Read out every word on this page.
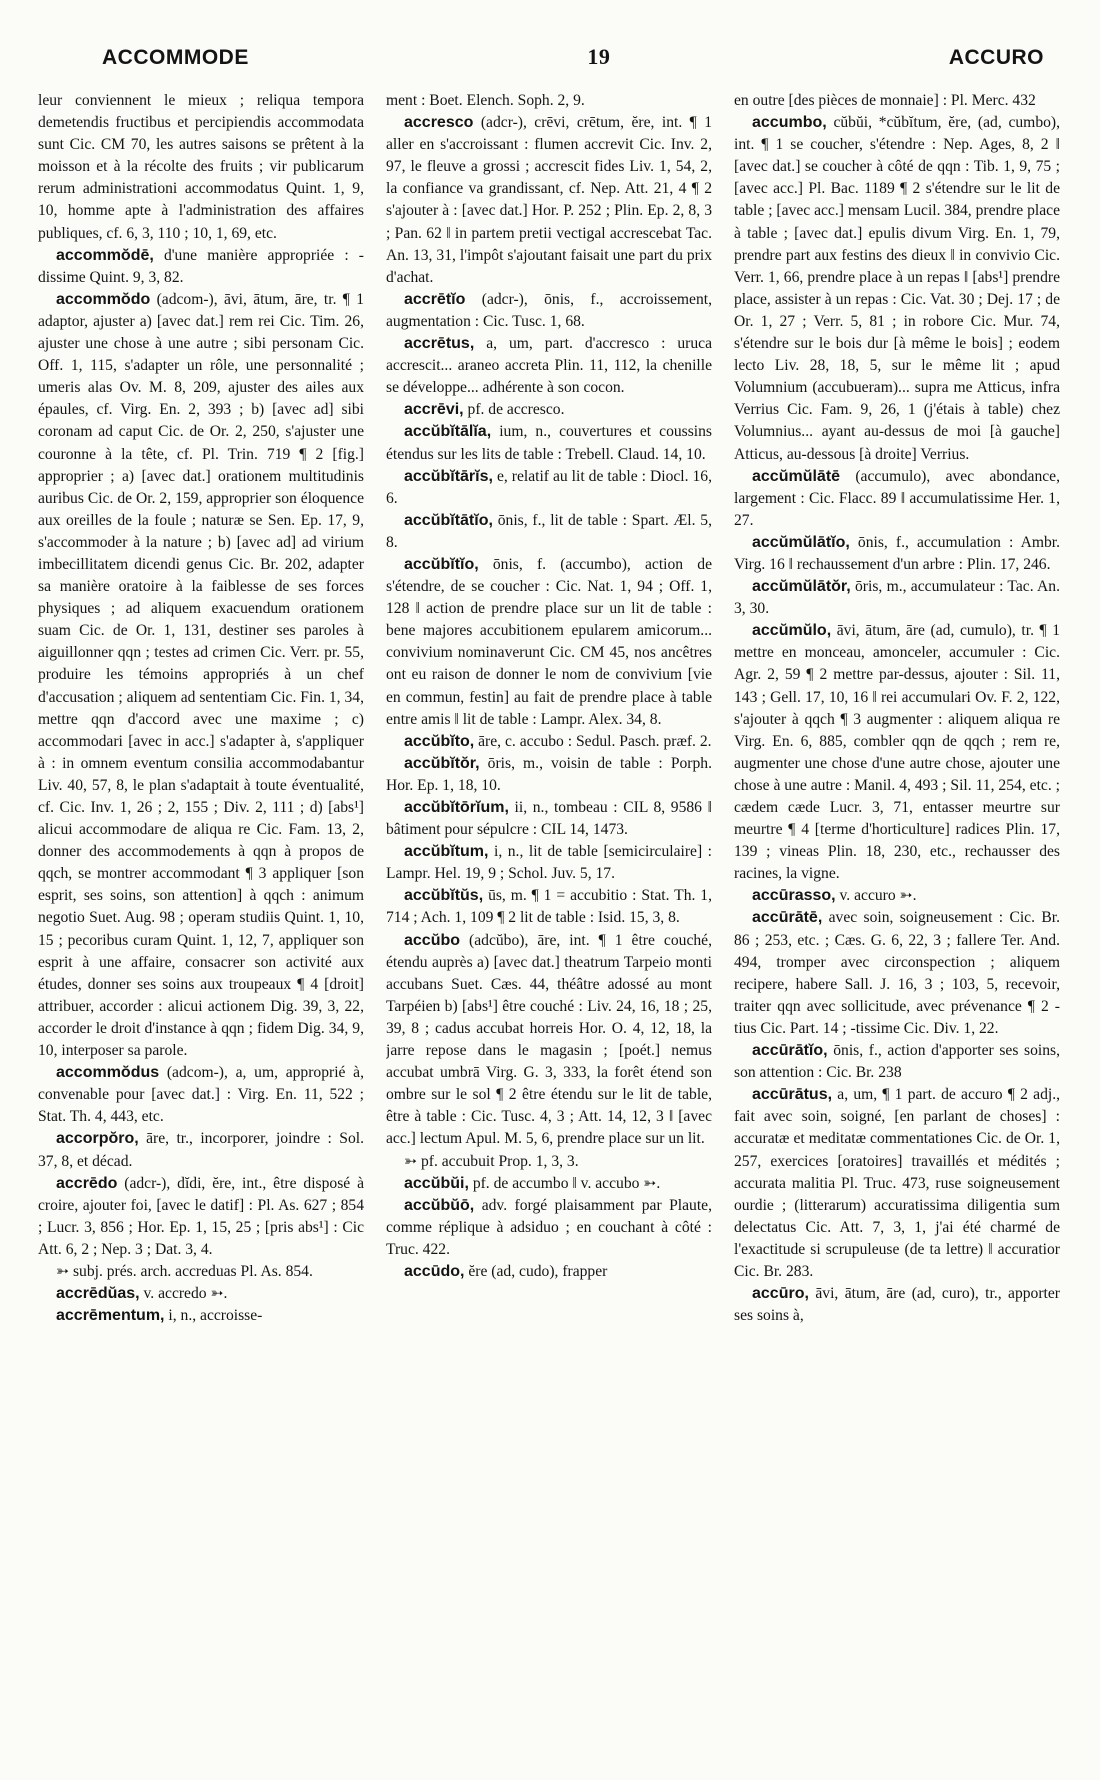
ACCOMMODE	19	ACCURO

leur conviennent le mieux ; reliqua tempora demetendis fructibus et percipiendis accommodata sunt Cic. CM 70, les autres saisons se prêtent à la moisson et à la récolte des fruits ; vir publicarum rerum administrationi accommodatus Quint. 1, 9, 10, homme apte à l'administration des affaires publiques, cf. 6, 3, 110 ; 10, 1, 69, etc.

accommŏdē, d'une manière appropriée : -dissime Quint. 9, 3, 82.

accommŏdo (adcom-), āvi, ātum, āre, tr. ¶ 1 adaptor, ajuster a) [avec dat.] rem rei Cic. Tim. 26, ajuster une chose à une autre ; sibi personam Cic. Off. 1, 115, s'adapter un rôle, une personnalité ; umeris alas Ov. M. 8, 209, ajuster des ailes aux épaules, cf. Virg. En. 2, 393 ; b) [avec ad] sibi coronam ad caput Cic. de Or. 2, 250, s'ajuster une couronne à la tête, cf. Pl. Trin. 719 ¶ 2 [fig.] approprier ; a) [avec dat.] orationem multitudinis auribus Cic. de Or. 2, 159, approprier son éloquence aux oreilles de la foule ; naturæ se Sen. Ep. 17, 9, s'accommoder à la nature ; b) [avec ad] ad virium imbecillitatem dicendi genus Cic. Br. 202, adapter sa manière oratoire à la faiblesse de ses forces physiques ; ad aliquem exacuendum orationem suam Cic. de Or. 1, 131, destiner ses paroles à aiguillonner qqn ; testes ad crimen Cic. Verr. pr. 55, produire les témoins appropriés à un chef d'accusation ; aliquem ad sententiam Cic. Fin. 1, 34, mettre qqn d'accord avec une maxime ; c) accommodari [avec in acc.] s'adapter à, s'appliquer à : in omnem eventum consilia accommodabantur Liv. 40, 57, 8, le plan s'adaptait à toute éventualité, cf. Cic. Inv. 1, 26 ; 2, 155 ; Div. 2, 111 ; d) [abs¹] alicui accommodare de aliqua re Cic. Fam. 13, 2, donner des accommodements à qqn à propos de qqch, se montrer accommodant ¶ 3 appliquer [son esprit, ses soins, son attention] à qqch : animum negotio Suet. Aug. 98 ; operam studiis Quint. 1, 10, 15 ; pecoribus curam Quint. 1, 12, 7, appliquer son esprit à une affaire, consacrer son activité aux études, donner ses soins aux troupeaux ¶ 4 [droit] attribuer, accorder : alicui actionem Dig. 39, 3, 22, accorder le droit d'instance à qqn ; fidem Dig. 34, 9, 10, interposer sa parole.

accommŏdus (adcom-), a, um, approprié à, convenable pour [avec dat.] : Virg. En. 11, 522 ; Stat. Th. 4, 443, etc.

accorpŏro, āre, tr., incorporer, joindre : Sol. 37, 8, et décad.

accrēdo (adcr-), dĭdi, ĕre, int., être disposé à croire, ajouter foi, [avec le datif] : Pl. As. 627 ; 854 ; Lucr. 3, 856 ; Hor. Ep. 1, 15, 25 ; [pris abs¹] : Cic Att. 6, 2 ; Nep. 3 ; Dat. 3, 4.

➳ subj. prés. arch. accreduas Pl. As. 854.

accrēdŭas, v. accredo ➳.

accrēmentum, i, n., accroisse-

ment : Boet. Elench. Soph. 2, 9.

accresco (adcr-), crēvi, crētum, ĕre, int. ¶ 1 aller en s'accroissant : flumen accrevit Cic. Inv. 2, 97, le fleuve a grossi ; accrescit fides Liv. 1, 54, 2, la confiance va grandissant, cf. Nep. Att. 21, 4 ¶ 2 s'ajouter à : [avec dat.] Hor. P. 252 ; Plin. Ep. 2, 8, 3 ; Pan. 62 ‖ in partem pretii vectigal accrescebat Tac. An. 13, 31, l'impôt s'ajoutant faisait une part du prix d'achat.

accrētĭo (adcr-), ōnis, f., accroissement, augmentation : Cic. Tusc. 1, 68.

accrētus, a, um, part. d'accresco : uruca accrescit... araneo accreta Plin. 11, 112, la chenille se développe... adhérente à son cocon.

accrēvi, pf. de accresco.

accŭbĭtālĭa, ium, n., couvertures et coussins étendus sur les lits de table : Trebell. Claud. 14, 10.

accŭbĭtārĭs, e, relatif au lit de table : Diocl. 16, 6.

accŭbĭtātĭo, ōnis, f., lit de table : Spart. Æl. 5, 8.

accŭbĭtĭo, ōnis, f. (accumbo), action de s'étendre, de se coucher : Cic. Nat. 1, 94 ; Off. 1, 128 ‖ action de prendre place sur un lit de table : bene majores accubitionem epularem amicorum... convivium nominaverunt Cic. CM 45, nos ancêtres ont eu raison de donner le nom de convivium [vie en commun, festin] au fait de prendre place à table entre amis ‖ lit de table : Lampr. Alex. 34, 8.

accŭbĭto, āre, c. accubo : Sedul. Pasch. præf. 2.

accŭbĭtŏr, ōris, m., voisin de table : Porph. Hor. Ep. 1, 18, 10.

accŭbĭtōrĭum, ii, n., tombeau : CIL 8, 9586 ‖ bâtiment pour sépulcre : CIL 14, 1473.

accŭbĭtum, i, n., lit de table [semicirculaire] : Lampr. Hel. 19, 9 ; Schol. Juv. 5, 17.

accŭbĭtŭs, ūs, m. ¶ 1 = accubitio : Stat. Th. 1, 714 ; Ach. 1, 109 ¶ 2 lit de table : Isid. 15, 3, 8.

accŭbo (adcŭbo), āre, int. ¶ 1 être couché, étendu auprès a) [avec dat.] theatrum Tarpeio monti accubans Suet. Cæs. 44, théâtre adossé au mont Tarpéien b) [abs¹] être couché : Liv. 24, 16, 18 ; 25, 39, 8 ; cadus accubat horreis Hor. O. 4, 12, 18, la jarre repose dans le magasin ; [poét.] nemus accubat umbrā Virg. G. 3, 333, la forêt étend son ombre sur le sol ¶ 2 être étendu sur le lit de table, être à table : Cic. Tusc. 4, 3 ; Att. 14, 12, 3 ‖ [avec acc.] lectum Apul. M. 5, 6, prendre place sur un lit.

➳ pf. accubuit Prop. 1, 3, 3.

accŭbŭi, pf. de accumbo ‖ v. accubo ➳.

accŭbŭō, adv. forgé plaisamment par Plaute, comme réplique à adsiduo ; en couchant à côté : Truc. 422.

accūdo, ĕre (ad, cudo), frapper

en outre [des pièces de monnaie] : Pl. Merc. 432

accumbo, cŭbŭi, *cŭbĭtum, ĕre, (ad, cumbo), int. ¶ 1 se coucher, s'étendre : Nep. Ages, 8, 2 ‖ [avec dat.] se coucher à côté de qqn : Tib. 1, 9, 75 ; [avec acc.] Pl. Bac. 1189 ¶ 2 s'étendre sur le lit de table ; [avec acc.] mensam Lucil. 384, prendre place à table ; [avec dat.] epulis divum Virg. En. 1, 79, prendre part aux festins des dieux ‖ in convivio Cic. Verr. 1, 66, prendre place à un repas ‖ [abs¹] prendre place, assister à un repas : Cic. Vat. 30 ; Dej. 17 ; de Or. 1, 27 ; Verr. 5, 81 ; in robore Cic. Mur. 74, s'étendre sur le bois dur [à même le bois] ; eodem lecto Liv. 28, 18, 5, sur le même lit ; apud Volumnium (accubueram)... supra me Atticus, infra Verrius Cic. Fam. 9, 26, 1 (j'étais à table) chez Volumnius... ayant au-dessus de moi [à gauche] Atticus, au-dessous [à droite] Verrius.

accŭmŭlātē (accumulo), avec abondance, largement : Cic. Flacc. 89 ‖ accumulatissime Her. 1, 27.

accŭmŭlātĭo, ōnis, f., accumulation : Ambr. Virg. 16 ‖ rechaussement d'un arbre : Plin. 17, 246.

accŭmŭlātŏr, ōris, m., accumulateur : Tac. An. 3, 30.

accŭmŭlo, āvi, ātum, āre (ad, cumulo), tr. ¶ 1 mettre en monceau, amonceler, accumuler : Cic. Agr. 2, 59 ¶ 2 mettre par-dessus, ajouter : Sil. 11, 143 ; Gell. 17, 10, 16 ‖ rei accumulari Ov. F. 2, 122, s'ajouter à qqch ¶ 3 augmenter : aliquem aliqua re Virg. En. 6, 885, combler qqn de qqch ; rem re, augmenter une chose d'une autre chose, ajouter une chose à une autre : Manil. 4, 493 ; Sil. 11, 254, etc. ; cædem cæde Lucr. 3, 71, entasser meurtre sur meurtre ¶ 4 [terme d'horticulture] radices Plin. 17, 139 ; vineas Plin. 18, 230, etc., rechausser des racines, la vigne.

accūrasso, v. accuro ➳.

accūrātē, avec soin, soigneusement : Cic. Br. 86 ; 253, etc. ; Cæs. G. 6, 22, 3 ; fallere Ter. And. 494, tromper avec circonspection ; aliquem recipere, habere Sall. J. 16, 3 ; 103, 5, recevoir, traiter qqn avec sollicitude, avec prévenance ¶ 2 -tius Cic. Part. 14 ; -tissime Cic. Div. 1, 22.

accūrātĭo, ōnis, f., action d'apporter ses soins, son attention : Cic. Br. 238

accūrātus, a, um, ¶ 1 part. de accuro ¶ 2 adj., fait avec soin, soigné, [en parlant de choses] : accuratæ et meditatæ commentationes Cic. de Or. 1, 257, exercices [oratoires] travaillés et médités ; accurata malitia Pl. Truc. 473, ruse soigneusement ourdie ; (litterarum) accuratissima diligentia sum delectatus Cic. Att. 7, 3, 1, j'ai été charmé de l'exactitude si scrupuleuse (de ta lettre) ‖ accuratior Cic. Br. 283.

accūro, āvi, ātum, āre (ad, curo), tr., apporter ses soins à,
